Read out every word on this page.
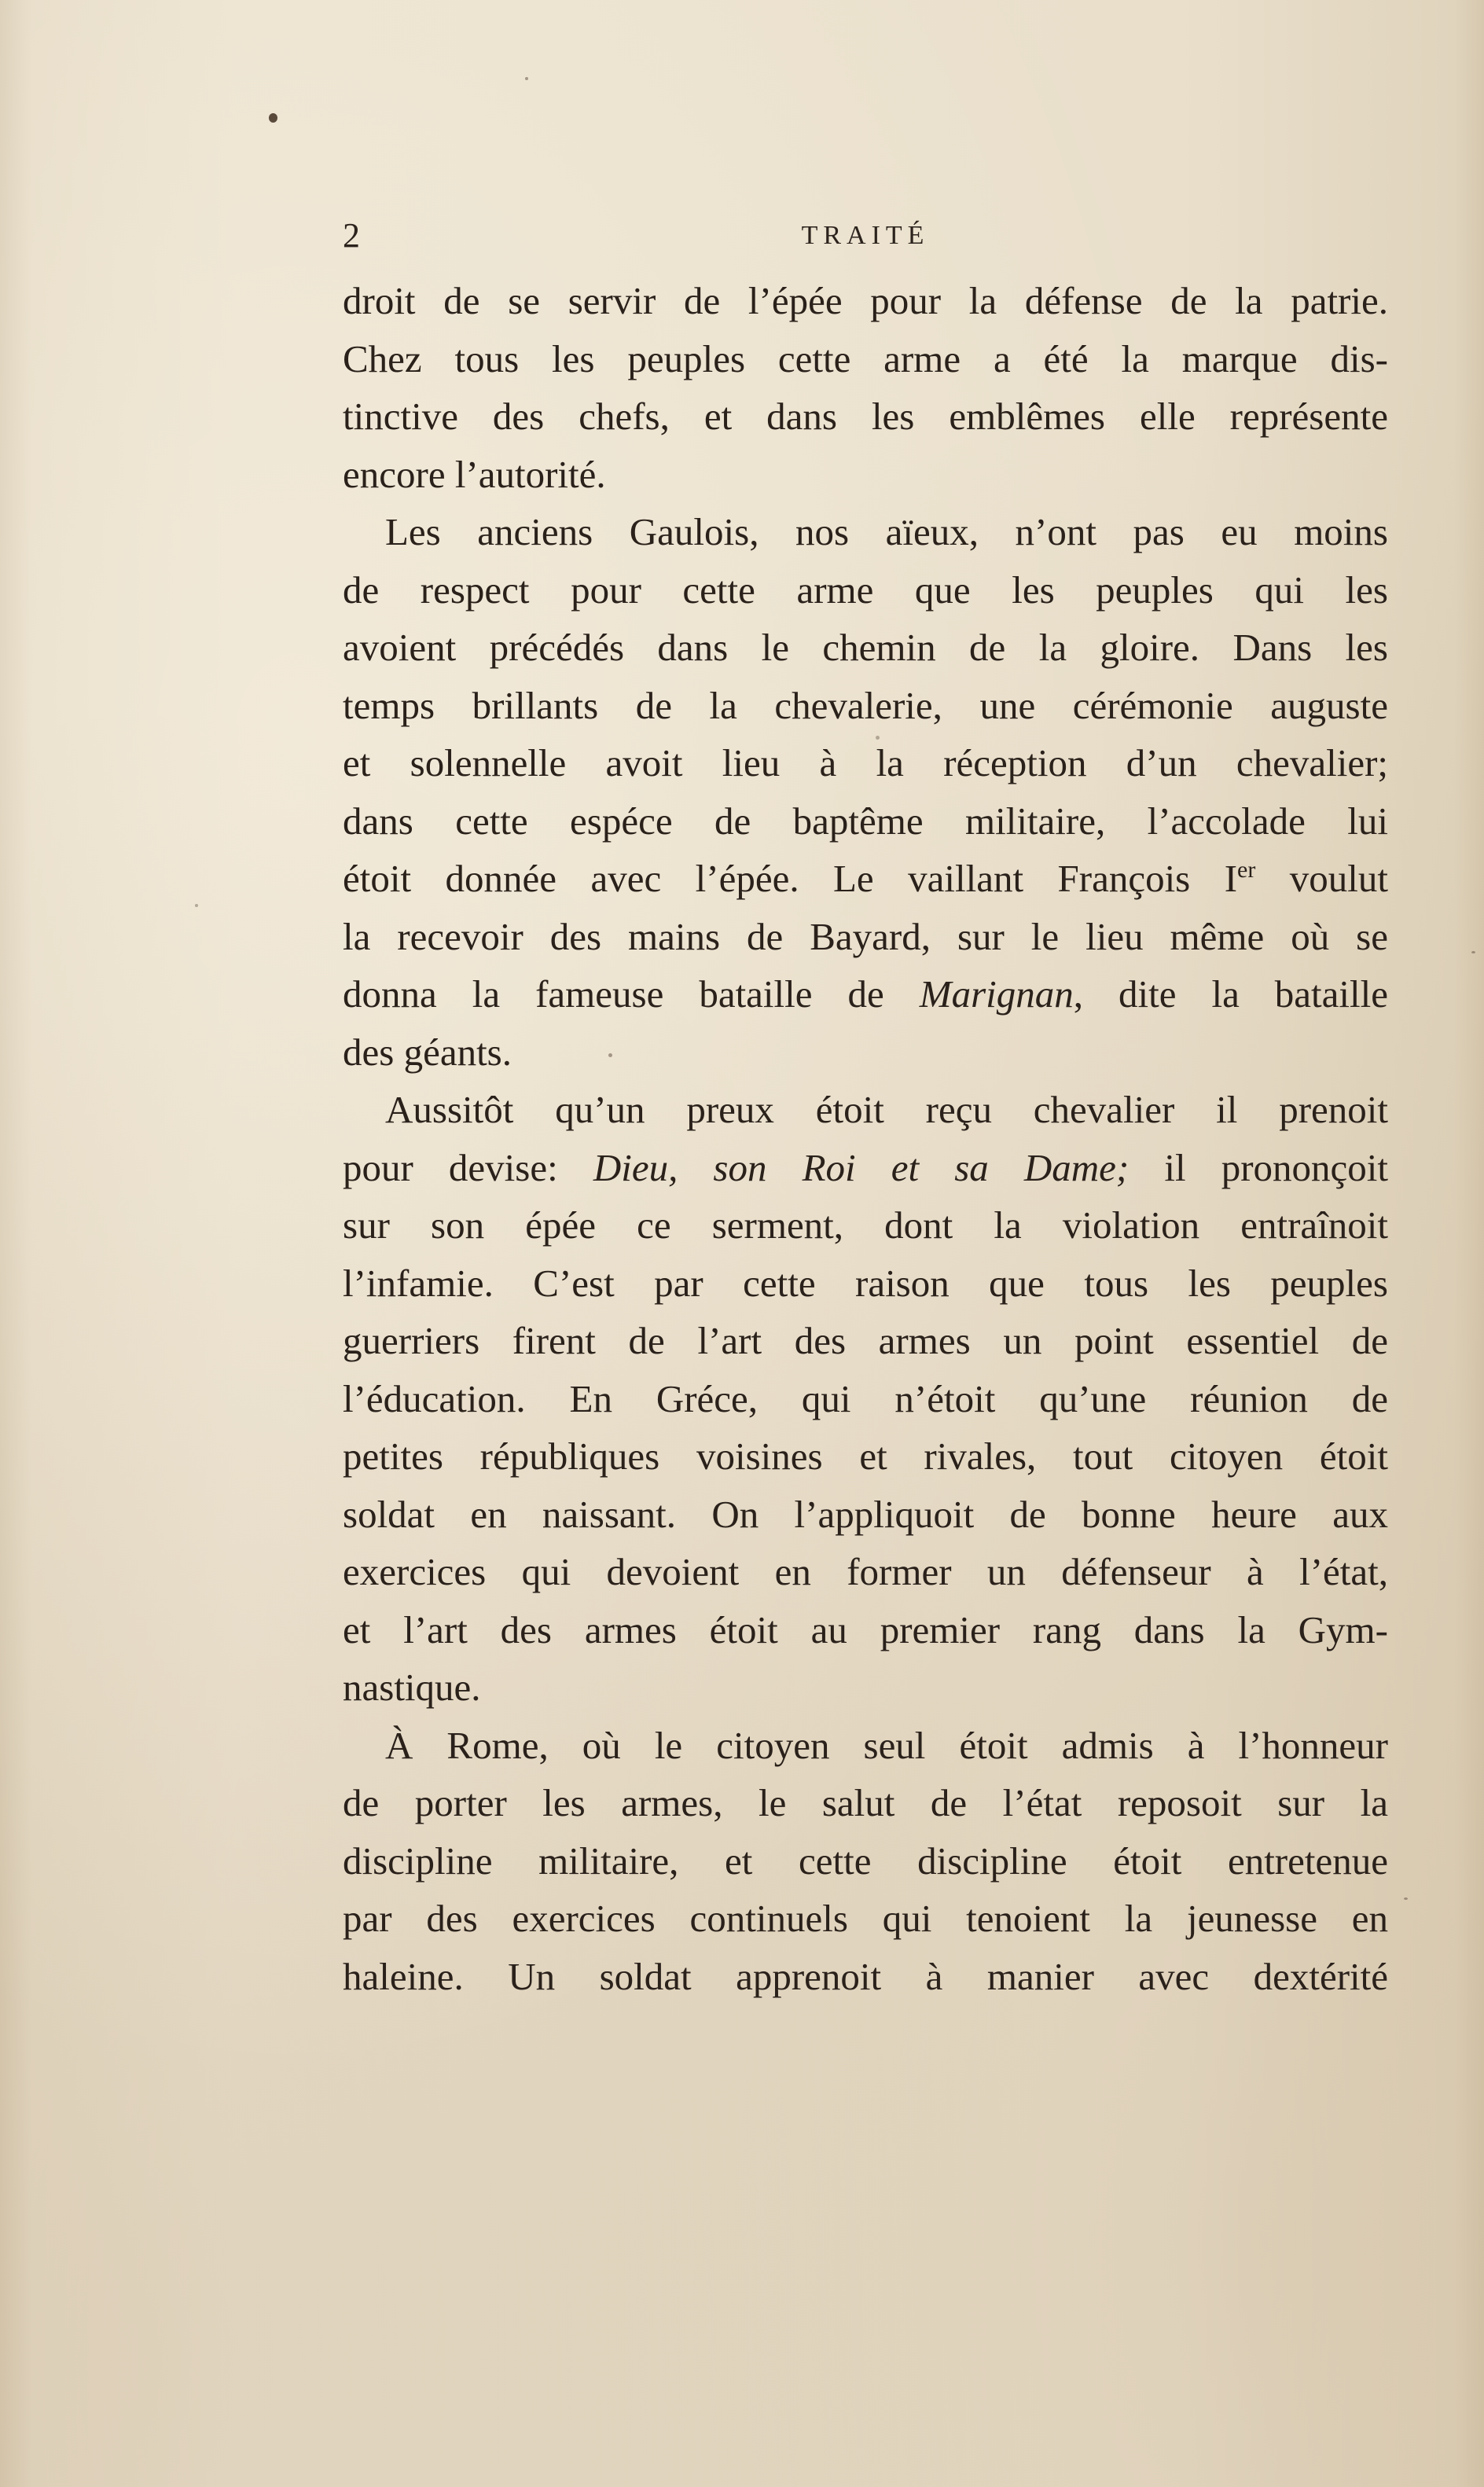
2	TRAITÉ
droit de se servir de l’épée pour la défense de la patrie.
Chez tous les peuples cette arme a été la marque dis-
tinctive des chefs, et dans les emblêmes elle représente
encore l’autorité.
Les anciens Gaulois, nos aïeux, n’ont pas eu moins
de respect pour cette arme que les peuples qui les
avoient précédés dans le chemin de la gloire. Dans les
temps brillants de la chevalerie, une cérémonie auguste
et solennelle avoit lieu à la réception d’un chevalier;
dans cette espéce de baptême militaire, l’accolade lui
étoit donnée avec l’épée. Le vaillant François Ier voulut
la recevoir des mains de Bayard, sur le lieu même où se
donna la fameuse bataille de Marignan, dite la bataille
des géants.
Aussitôt qu’un preux étoit reçu chevalier il prenoit
pour devise: Dieu, son Roi et sa Dame; il prononçoit
sur son épée ce serment, dont la violation entraînoit
l’infamie. C’est par cette raison que tous les peuples
guerriers firent de l’art des armes un point essentiel de
l’éducation. En Gréce, qui n’étoit qu’une réunion de
petites républiques voisines et rivales, tout citoyen étoit
soldat en naissant. On l’appliquoit de bonne heure aux
exercices qui devoient en former un défenseur à l’état,
et l’art des armes étoit au premier rang dans la Gym-
nastique.
À Rome, où le citoyen seul étoit admis à l’honneur
de porter les armes, le salut de l’état reposoit sur la
discipline militaire, et cette discipline étoit entretenue
par des exercices continuels qui tenoient la jeunesse en
haleine. Un soldat apprenoit à manier avec dextérité
